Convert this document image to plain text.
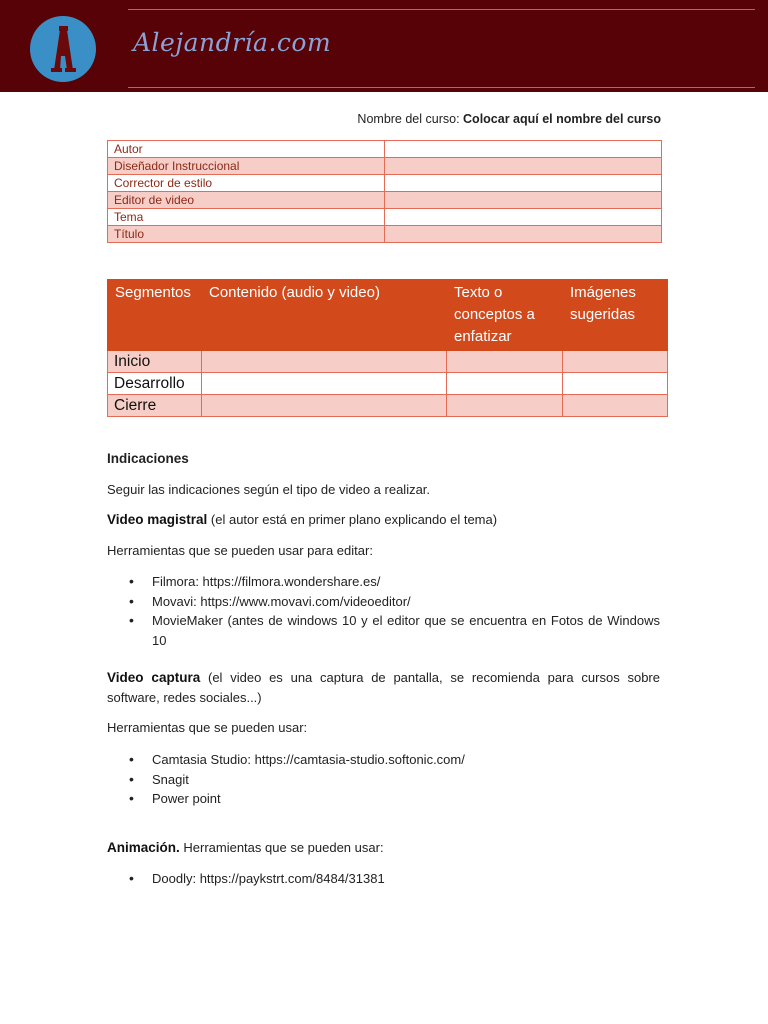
Alejandría.com
Nombre del curso: Colocar aquí el nombre del curso
Autor	
Diseñador Instruccional	
Corrector de estilo	
Editor de video	
Tema	
Título	
Segmentos	Contenido (audio y video)	Texto o conceptos a enfatizar	Imágenes sugeridas
Inicio			
Desarrollo			
Cierre			
Indicaciones
Seguir las indicaciones según el tipo de video a realizar.
Video magistral (el autor está en primer plano explicando el tema)
Herramientas que se pueden usar para editar:
• Filmora: https://filmora.wondershare.es/
• Movavi: https://www.movavi.com/videoeditor/
• MovieMaker (antes de windows 10 y el editor que se encuentra en Fotos de Windows 10
Video captura (el video es una captura de pantalla, se recomienda para cursos sobre software, redes sociales...)
Herramientas que se pueden usar:
• Camtasia Studio: https://camtasia-studio.softonic.com/
• Snagit
• Power point
Animación. Herramientas que se pueden usar:
• Doodly: https://paykstrt.com/8484/31381
